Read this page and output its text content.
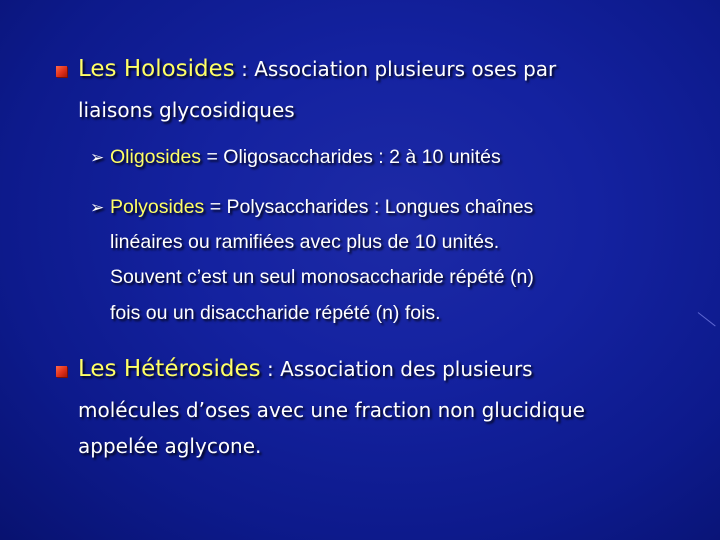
Les Holosides : Association plusieurs oses par
liaisons glycosidiques
➢ Oligosides = Oligosaccharides : 2 à 10 unités
➢ Polyosides = Polysaccharides : Longues chaînes
linéaires ou ramifiées avec plus de 10 unités.
Souvent c’est un seul monosaccharide répété (n)
fois ou un disaccharide répété (n) fois.
Les Hétérosides : Association des plusieurs
molécules d’oses avec une fraction non glucidique
appelée aglycone.
